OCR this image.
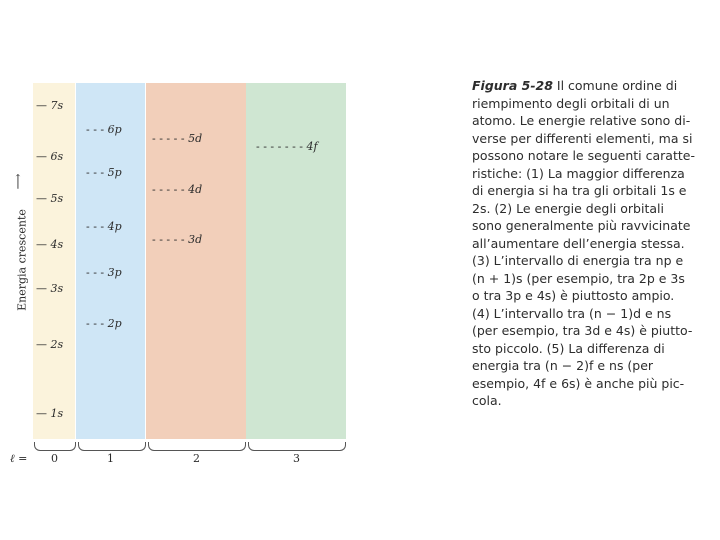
⟶
Energia crescente
— 7s
— 6s
— 5s
— 4s
— 3s
— 2s
— 1s
- - - 6p
- - - 5p
- - - 4p
- - - 3p
- - - 2p
- - - - - 5d
- - - - - 4d
- - - - - 3d
- - - - - - - 4f
ℓ = 0	1	2	3

Figura 5-28 Il comune ordine di
riempimento degli orbitali di un
atomo. Le energie relative sono di-
verse per differenti elementi, ma si
possono notare le seguenti caratte-
ristiche: (1) La maggior differenza
di energia si ha tra gli orbitali 1s e
2s. (2) Le energie degli orbitali
sono generalmente più ravvicinate
all’aumentare dell’energia stessa.
(3) L’intervallo di energia tra np e
(n + 1)s (per esempio, tra 2p e 3s
o tra 3p e 4s) è piuttosto ampio.
(4) L’intervallo tra (n − 1)d e ns
(per esempio, tra 3d e 4s) è piutto-
sto piccolo. (5) La differenza di
energia tra (n − 2)f e ns (per
esempio, 4f e 6s) è anche più pic-
cola.
